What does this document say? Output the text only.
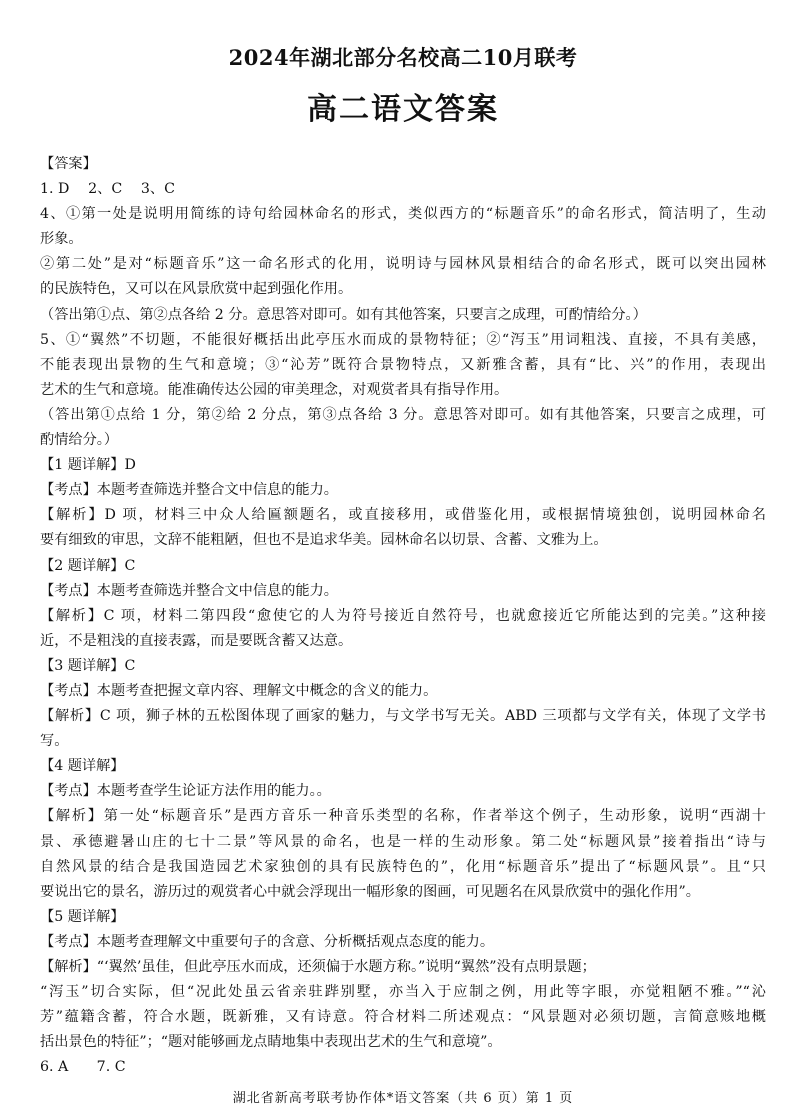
2024年湖北部分名校高二10月联考
高二语文答案
【答案】
1. D　 2、C　 3、C
4、①第一处是说明用简练的诗句给园林命名的形式，类似西方的“标题音乐”的命名形式，简洁明了，生动
形象。
②第二处”是对“标题音乐”这一命名形式的化用，说明诗与园林风景相结合的命名形式，既可以突出园林
的民族特色，又可以在风景欣赏中起到强化作用。
（答出第①点、第②点各给 2 分。意思答对即可。如有其他答案，只要言之成理，可酌情给分。）
5、①“翼然”不切题，不能很好概括出此亭压水而成的景物特征；②“泻玉”用词粗浅、直接，不具有美感，
不能表现出景物的生气和意境；③“沁芳”既符合景物特点，又新雅含蓄，具有“比、兴”的作用，表现出
艺术的生气和意境。能准确传达公园的审美理念，对观赏者具有指导作用。
（答出第①点给 1 分，第②给 2 分点，第③点各给 3 分。意思答对即可。如有其他答案，只要言之成理，可
酌情给分。）
【1 题详解】D
【考点】本题考查筛选并整合文中信息的能力。
【解析】D 项，材料三中众人给匾额题名，或直接移用，或借鉴化用，或根据情境独创，说明园林命名
要有细致的审思，文辞不能粗陋，但也不是追求华美。园林命名以切景、含蓄、文雅为上。
【2 题详解】C
【考点】本题考查筛选并整合文中信息的能力。
【解析】C 项，材料二第四段“愈使它的人为符号接近自然符号，也就愈接近它所能达到的完美。”这种接
近，不是粗浅的直接表露，而是要既含蓄又达意。
【3 题详解】C
【考点】本题考查把握文章内容、理解文中概念的含义的能力。
【解析】C 项，狮子林的五松图体现了画家的魅力，与文学书写无关。ABD 三项都与文学有关，体现了文学书
写。
【4 题详解】
【考点】本题考查学生论证方法作用的能力。。
【解析】第一处“标题音乐”是西方音乐一种音乐类型的名称，作者举这个例子，生动形象，说明“西湖十
景、承德避暑山庄的七十二景”等风景的命名，也是一样的生动形象。第二处“标题风景”接着指出“诗与
自然风景的结合是我国造园艺术家独创的具有民族特色的”，化用“标题音乐”提出了“标题风景”。且“只
要说出它的景名，游历过的观赏者心中就会浮现出一幅形象的图画，可见题名在风景欣赏中的强化作用”。
【5 题详解】
【考点】本题考查理解文中重要句子的含意、分析概括观点态度的能力。
【解析】“‘翼然’虽佳，但此亭压水而成，还须偏于水题方称。”说明“翼然”没有点明景题；
“泻玉”切合实际，但“况此处虽云省亲驻跸别墅，亦当入于应制之例，用此等字眼，亦觉粗陋不雅。”“沁
芳”蕴籍含蓄，符合水题，既新雅，又有诗意。符合材料二所述观点：“风景题对必须切题，言简意赅地概
括出景色的特征”；“题对能够画龙点睛地集中表现出艺术的生气和意境”。
6. A　　7. C
湖北省新高考联考协作体*语文答案（共 6 页）第 1 页
